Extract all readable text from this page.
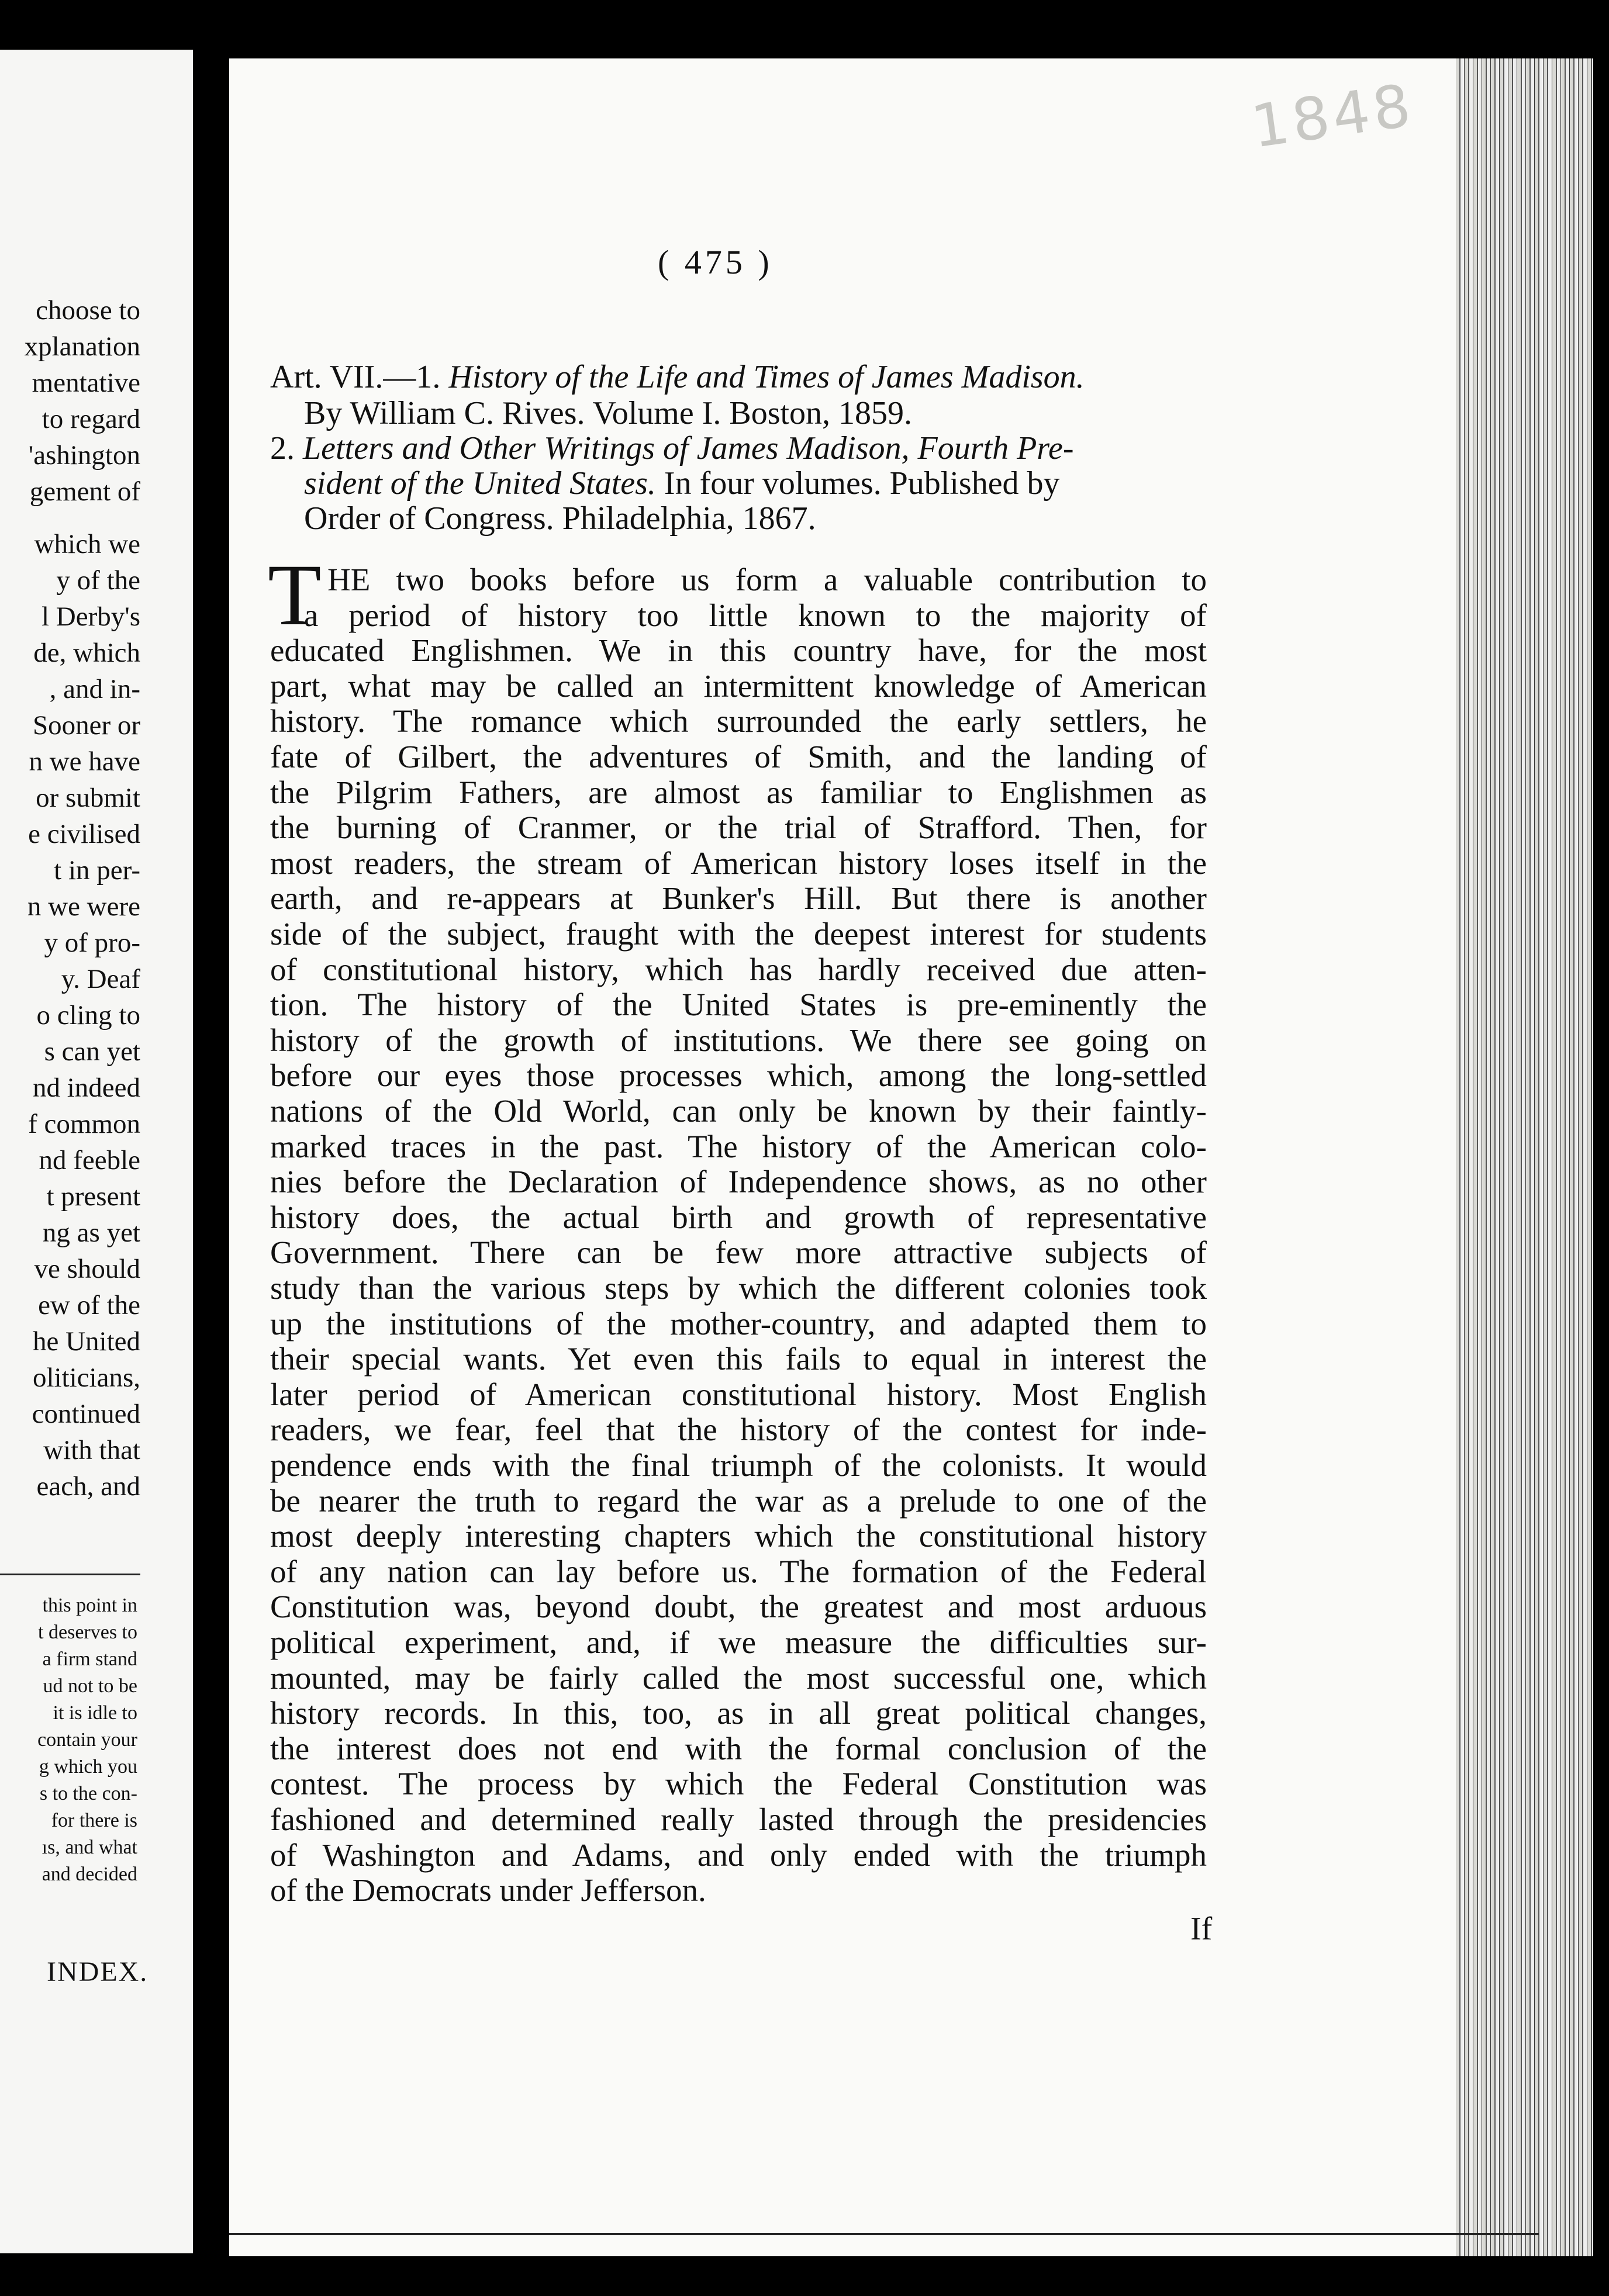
choose to
xplanation
mentative
to regard
'ashington
gement of
which we
y of the
l Derby's
de, which
, and in-
Sooner or
n we have
or submit
e civilised
t in per-
n we were
y of pro-
y. Deaf
o cling to
s can yet
nd indeed
f common
nd feeble
t present
ng as yet
ve should
ew of the
he United
oliticians,
continued
with that
each, and
this point in
t deserves to
a firm stand
ud not to be
it is idle to
contain your
g which you
s to the con-
for there is
ıs, and what
and decided
1848
( 475 )
Art. VII.—1. History of the Life and Times of James Madison.
By William C. Rives. Volume I. Boston, 1859.
2. Letters and Other Writings of James Madison, Fourth Pre-
sident of the United States. In four volumes. Published by
Order of Congress. Philadelphia, 1867.
T HE two books before us form a valuable contribution to
a period of history too little known to the majority of
educated Englishmen. We in this country have, for the most
part, what may be called an intermittent knowledge of American
history. The romance which surrounded the early settlers, he
fate of Gilbert, the adventures of Smith, and the landing of
the Pilgrim Fathers, are almost as familiar to Englishmen as
the burning of Cranmer, or the trial of Strafford. Then, for
most readers, the stream of American history loses itself in the
earth, and re-appears at Bunker's Hill. But there is another
side of the subject, fraught with the deepest interest for students
of constitutional history, which has hardly received due atten-
tion. The history of the United States is pre-eminently the
history of the growth of institutions. We there see going on
before our eyes those processes which, among the long-settled
nations of the Old World, can only be known by their faintly-
marked traces in the past. The history of the American colo-
nies before the Declaration of Independence shows, as no other
history does, the actual birth and growth of representative
Government. There can be few more attractive subjects of
study than the various steps by which the different colonies took
up the institutions of the mother-country, and adapted them to
their special wants. Yet even this fails to equal in interest the
later period of American constitutional history. Most English
readers, we fear, feel that the history of the contest for inde-
pendence ends with the final triumph of the colonists. It would
be nearer the truth to regard the war as a prelude to one of the
most deeply interesting chapters which the constitutional history
of any nation can lay before us. The formation of the Federal
Constitution was, beyond doubt, the greatest and most arduous
political experiment, and, if we measure the difficulties sur-
mounted, may be fairly called the most successful one, which
history records. In this, too, as in all great political changes,
the interest does not end with the formal conclusion of the
contest. The process by which the Federal Constitution was
fashioned and determined really lasted through the presidencies
of Washington and Adams, and only ended with the triumph
of the Democrats under Jefferson.
If
INDEX.
